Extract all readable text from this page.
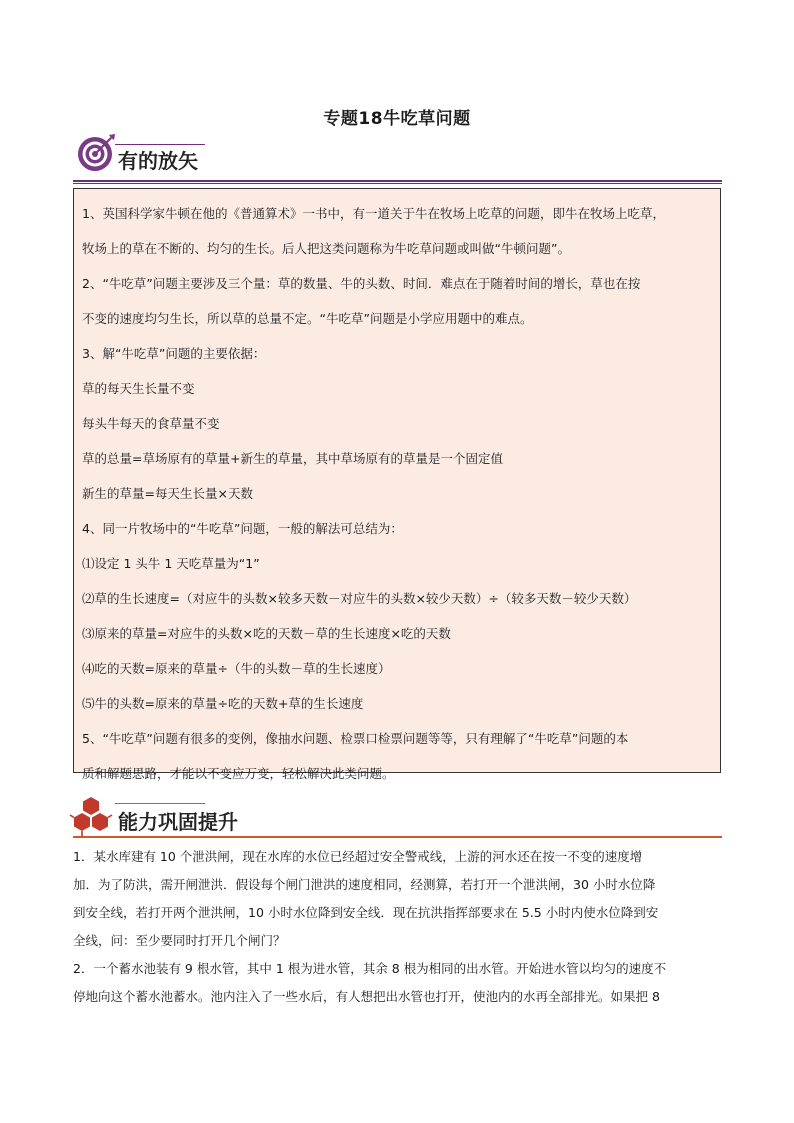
专题18牛吃草问题
有的放矢

1、英国科学家牛顿在他的《普通算术》一书中，有一道关于牛在牧场上吃草的问题，即牛在牧场上吃草，

牧场上的草在不断的、均匀的生长。后人把这类问题称为牛吃草问题或叫做“牛顿问题”。

2、“牛吃草”问题主要涉及三个量：草的数量、牛的头数、时间．难点在于随着时间的增长，草也在按

不变的速度均匀生长，所以草的总量不定。“牛吃草”问题是小学应用题中的难点。

3、解“牛吃草”问题的主要依据：

草的每天生长量不变

每头牛每天的食草量不变

草的总量=草场原有的草量+新生的草量，其中草场原有的草量是一个固定值

新生的草量=每天生长量×天数

4、同一片牧场中的“牛吃草”问题，一般的解法可总结为：

⑴设定 1 头牛 1 天吃草量为“1”

⑵草的生长速度=（对应牛的头数×较多天数－对应牛的头数×较少天数）÷（较多天数－较少天数）

⑶原来的草量=对应牛的头数×吃的天数－草的生长速度×吃的天数

⑷吃的天数=原来的草量÷（牛的头数－草的生长速度）

⑸牛的头数=原来的草量÷吃的天数+草的生长速度

5、“牛吃草”问题有很多的变例，像抽水问题、检票口检票问题等等，只有理解了“牛吃草”问题的本

质和解题思路，才能以不变应万变，轻松解决此类问题。

能力巩固提升

1．某水库建有 10 个泄洪闸，现在水库的水位已经超过安全警戒线，上游的河水还在按一不变的速度增

加．为了防洪，需开闸泄洪．假设每个闸门泄洪的速度相同，经测算，若打开一个泄洪闸，30 小时水位降

到安全线，若打开两个泄洪闸，10 小时水位降到安全线．现在抗洪指挥部要求在 5.5 小时内使水位降到安

全线，问：至少要同时打开几个闸门？

2．一个蓄水池装有 9 根水管，其中 1 根为进水管，其余 8 根为相同的出水管。开始进水管以均匀的速度不

停地向这个蓄水池蓄水。池内注入了一些水后，有人想把出水管也打开，使池内的水再全部排光。如果把 8
